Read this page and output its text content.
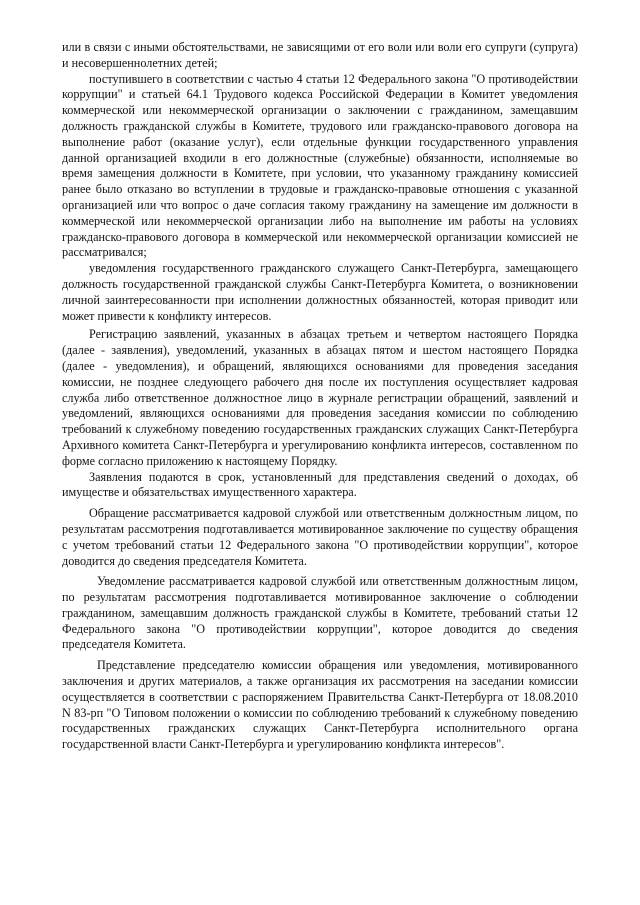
или в связи с иными обстоятельствами, не зависящими от его воли или воли его супруги (супруга) и несовершеннолетних детей;

поступившего в соответствии с частью 4 статьи 12 Федерального закона "О противодействии коррупции" и статьей 64.1 Трудового кодекса Российской Федерации в Комитет уведомления коммерческой или некоммерческой организации о заключении с гражданином, замещавшим должность гражданской службы в Комитете, трудового или гражданско-правового договора на выполнение работ (оказание услуг), если отдельные функции государственного управления данной организацией входили в его должностные (служебные) обязанности, исполняемые во время замещения должности в Комитете, при условии, что указанному гражданину комиссией ранее было отказано во вступлении в трудовые и гражданско-правовые отношения с указанной организацией или что вопрос о даче согласия такому гражданину на замещение им должности в коммерческой или некоммерческой организации либо на выполнение им работы на условиях гражданско-правового договора в коммерческой или некоммерческой организации комиссией не рассматривался;

уведомления государственного гражданского служащего Санкт-Петербурга, замещающего должность государственной гражданской службы Санкт-Петербурга Комитета, о возникновении личной заинтересованности при исполнении должностных обязанностей, которая приводит или может привести к конфликту интересов.

Регистрацию заявлений, указанных в абзацах третьем и четвертом настоящего Порядка (далее - заявления), уведомлений, указанных в абзацах пятом и шестом настоящего Порядка (далее - уведомления), и обращений, являющихся основаниями для проведения заседания комиссии, не позднее следующего рабочего дня после их поступления осуществляет кадровая служба либо ответственное должностное лицо в журнале регистрации обращений, заявлений и уведомлений, являющихся основаниями для проведения заседания комиссии по соблюдению требований к служебному поведению государственных гражданских служащих Санкт-Петербурга Архивного комитета Санкт-Петербурга и урегулированию конфликта интересов, составленном по форме согласно приложению к настоящему Порядку.

Заявления подаются в срок, установленный для представления сведений о доходах, об имуществе и обязательствах имущественного характера.

Обращение рассматривается кадровой службой или ответственным должностным лицом, по результатам рассмотрения подготавливается мотивированное заключение по существу обращения с учетом требований статьи 12 Федерального закона "О противодействии коррупции", которое доводится до сведения председателя Комитета.

Уведомление рассматривается кадровой службой или ответственным должностным лицом, по результатам рассмотрения подготавливается мотивированное заключение о соблюдении гражданином, замещавшим должность гражданской службы в Комитете, требований статьи 12 Федерального закона "О противодействии коррупции", которое доводится до сведения председателя Комитета.

Представление председателю комиссии обращения или уведомления, мотивированного заключения и других материалов, а также организация их рассмотрения на заседании комиссии осуществляется в соответствии с распоряжением Правительства Санкт-Петербурга от 18.08.2010 N 83-рп "О Типовом положении о комиссии по соблюдению требований к служебному поведению государственных гражданских служащих Санкт-Петербурга исполнительного органа государственной власти Санкт-Петербурга и урегулированию конфликта интересов".
